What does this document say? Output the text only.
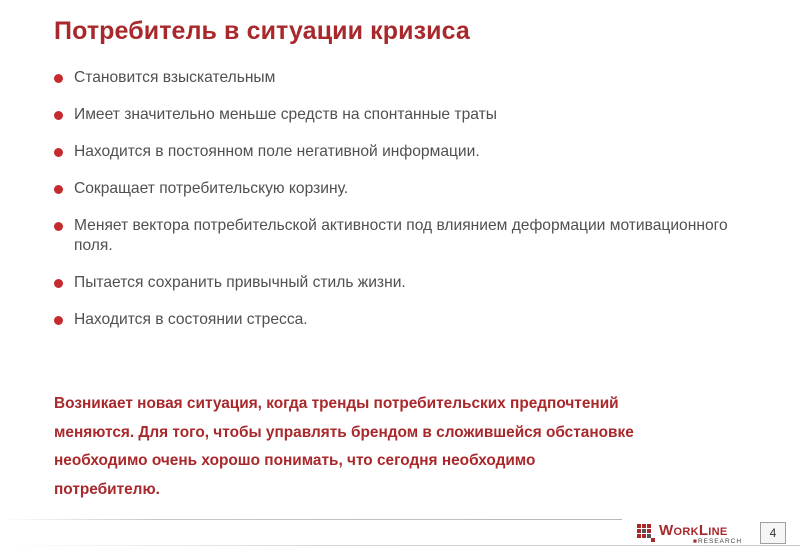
Потребитель в ситуации кризиса
Становится взыскательным
Имеет значительно меньше средств на спонтанные траты
Находится в постоянном поле негативной информации.
Сокращает потребительскую корзину.
Меняет вектора потребительской активности под влиянием деформации мотивационного поля.
Пытается сохранить привычный стиль жизни.
Находится в состоянии стресса.

Возникает новая ситуация, когда тренды потребительских предпочтений
меняются. Для того, чтобы управлять брендом в сложившейся обстановке
необходимо очень хорошо понимать, что сегодня необходимо
потребителю.

WORKLINE
■RESEARCH
4
